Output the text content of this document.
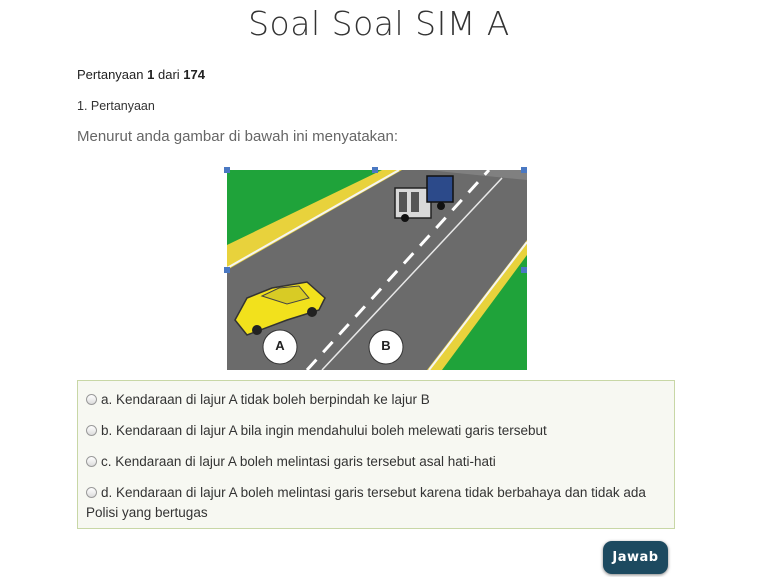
Soal Soal SIM A
Pertanyaan 1 dari 174
1. Pertanyaan
Menurut anda gambar di bawah ini menyatakan:
A	B
a. Kendaraan di lajur A tidak boleh berpindah ke lajur B
b. Kendaraan di lajur A bila ingin mendahului boleh melewati garis tersebut
c. Kendaraan di lajur A boleh melintasi garis tersebut asal hati-hati
d. Kendaraan di lajur A boleh melintasi garis tersebut karena tidak berbahaya dan tidak ada Polisi yang bertugas
Jawab
